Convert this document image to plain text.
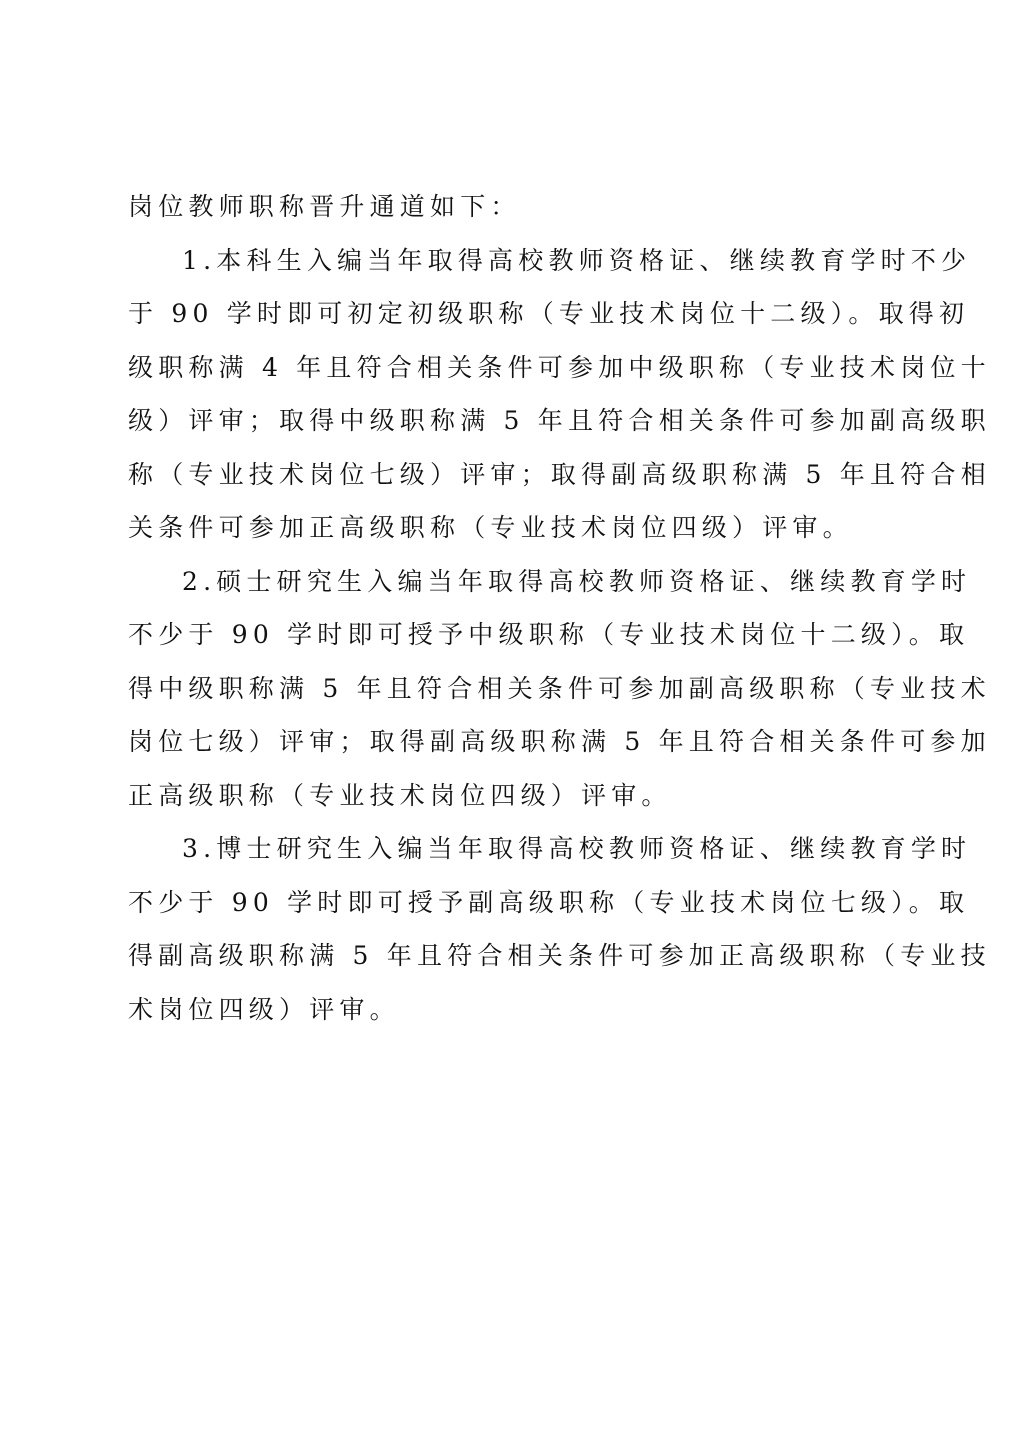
岗位教师职称晋升通道如下：
1.本科生入编当年取得高校教师资格证、继续教育学时不少
于 90 学时即可初定初级职称（专业技术岗位十二级）。取得初
级职称满 4 年且符合相关条件可参加中级职称（专业技术岗位十
级）评审；取得中级职称满 5 年且符合相关条件可参加副高级职
称（专业技术岗位七级）评审；取得副高级职称满 5 年且符合相
关条件可参加正高级职称（专业技术岗位四级）评审。
2.硕士研究生入编当年取得高校教师资格证、继续教育学时
不少于 90 学时即可授予中级职称（专业技术岗位十二级）。取
得中级职称满 5 年且符合相关条件可参加副高级职称（专业技术
岗位七级）评审；取得副高级职称满 5 年且符合相关条件可参加
正高级职称（专业技术岗位四级）评审。
3.博士研究生入编当年取得高校教师资格证、继续教育学时
不少于 90 学时即可授予副高级职称（专业技术岗位七级）。取
得副高级职称满 5 年且符合相关条件可参加正高级职称（专业技
术岗位四级）评审。
